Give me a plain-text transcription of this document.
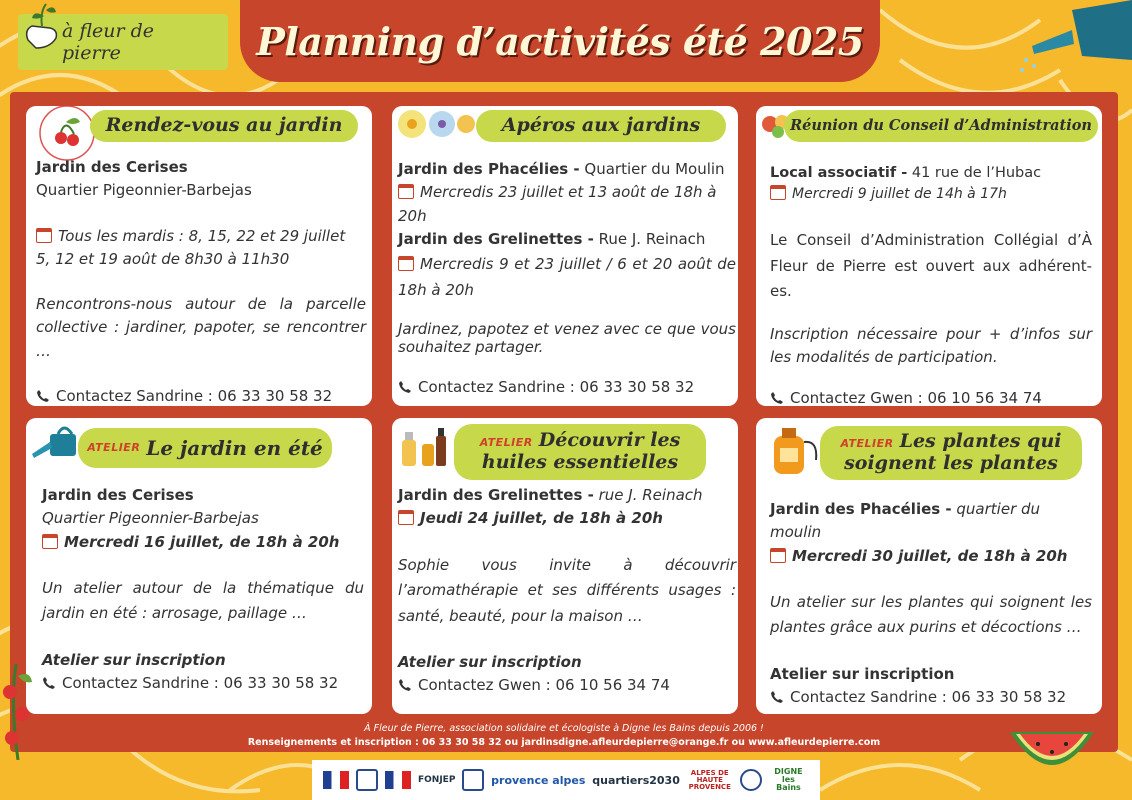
à fleur de pierre	Planning d’activités été 2025
Rendez-vous au jardin
Jardin des Cerises
Quartier Pigeonnier-Barbejas
Tous les mardis : 8, 15, 22 et 29 juillet
5, 12 et 19 août de 8h30 à 11h30
Rencontrons-nous autour de la parcelle collective : jardiner, papoter, se rencontrer …
Contactez Sandrine : 06 33 30 58 32
Apéros aux jardins
Jardin des Phacélies - Quartier du Moulin
Mercredis 23 juillet et 13 août de 18h à 20h
Jardin des Grelinettes - Rue J. Reinach
Mercredis 9 et 23 juillet / 6 et 20 août de 18h à 20h
Jardinez, papotez et venez avec ce que vous souhaitez partager.
Contactez Sandrine : 06 33 30 58 32
Réunion du Conseil d’Administration
Local associatif - 41 rue de l’Hubac
Mercredi 9 juillet de 14h à 17h
Le Conseil d’Administration Collégial d’À Fleur de Pierre est ouvert aux adhérent-es.
Inscription nécessaire pour + d’infos sur les modalités de participation.
Contactez Gwen : 06 10 56 34 74
ATELIER Le jardin en été
Jardin des Cerises
Quartier Pigeonnier-Barbejas
Mercredi 16 juillet, de 18h à 20h
Un atelier autour de la thématique du jardin en été : arrosage, paillage …
Atelier sur inscription
Contactez Sandrine : 06 33 30 58 32
ATELIER Découvrir les
huiles essentielles
Jardin des Grelinettes - rue J. Reinach
Jeudi 24 juillet, de 18h à 20h
Sophie vous invite à découvrir l’aromathérapie et ses différents usages : santé, beauté, pour la maison …
Atelier sur inscription
Contactez Gwen : 06 10 56 34 74
ATELIER Les plantes qui
soignent les plantes
Jardin des Phacélies - quartier du moulin
Mercredi 30 juillet, de 18h à 20h
Un atelier sur les plantes qui soignent les plantes grâce aux purins et décoctions …
Atelier sur inscription
Contactez Sandrine : 06 33 30 58 32
À Fleur de Pierre, association solidaire et écologiste à Digne les Bains depuis 2006 !
Renseignements et inscription : 06 33 30 58 32 ou jardinsdigne.afleurdepierre@orange.fr ou www.afleurdepierre.com
FONJEP	provence alpes quartiers2030
ALPES DE HAUTE PROVENCE
DIGNE les Bains
